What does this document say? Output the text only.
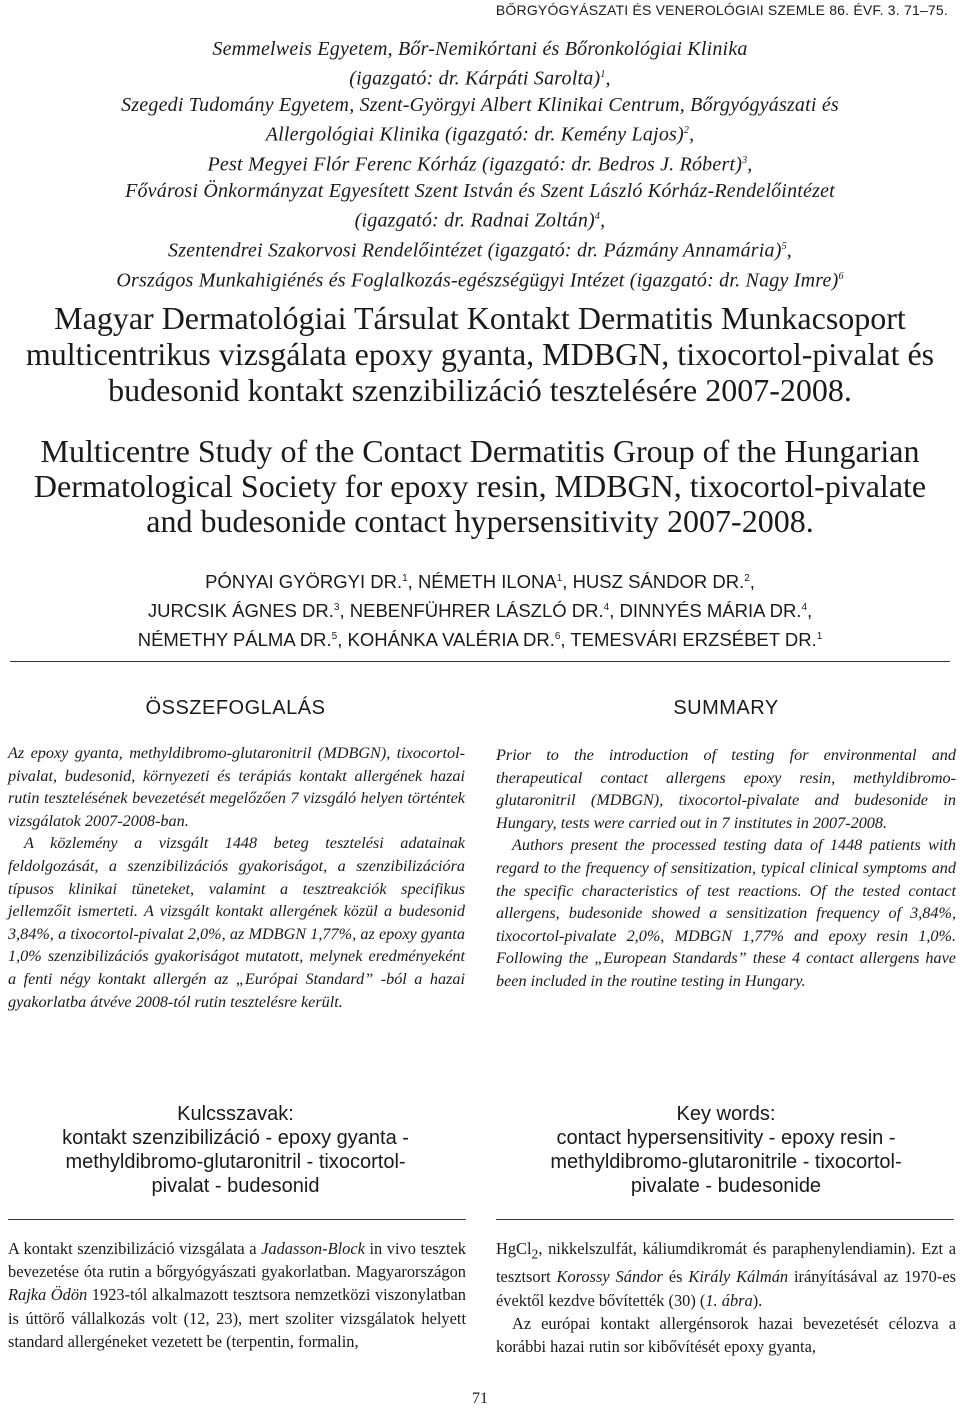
BŐRGYÓGYÁSZATI ÉS VENEROLÓGIAI SZEMLE 86. ÉVF. 3. 71–75.
Semmelweis Egyetem, Bőr-Nemikórtani és Bőronkológiai Klinika
(igazgató: dr. Kárpáti Sarolta)$^1$,
Szegedi Tudomány Egyetem, Szent-Györgyi Albert Klinikai Centrum, Bőrgyógyászati és
Allergológiai Klinika (igazgató: dr. Kemény Lajos)$^2$,
Pest Megyei Flór Ferenc Kórház (igazgató: dr. Bedros J. Róbert)$^3$,
Fővárosi Önkormányzat Egyesített Szent István és Szent László Kórház-Rendelőintézet
(igazgató: dr. Radnai Zoltán)$^4$,
Szentendrei Szakorvosi Rendelőintézet (igazgató: dr. Pázmány Annamária)$^5$,
Országos Munkahigiénés és Foglalkozás-egészségügyi Intézet (igazgató: dr. Nagy Imre)$^6$
Magyar Dermatológiai Társulat Kontakt Dermatitis Munkacsoport
multicentrikus vizsgálata epoxy gyanta, MDBGN, tixocortol-pivalat és
budesonid kontakt szenzibilizáció tesztelésére 2007-2008.
Multicentre Study of the Contact Dermatitis Group of the Hungarian
Dermatological Society for epoxy resin, MDBGN, tixocortol-pivalate
and budesonide contact hypersensitivity 2007-2008.
PÓNYAI GYÖRGYI DR.$^1$, NÉMETH ILONA$^1$, HUSZ SÁNDOR DR.$^2$,
JURCSIK ÁGNES DR.$^3$, NEBENFÜHRER LÁSZLÓ DR.$^4$, DINNYÉS MÁRIA DR.$^4$,
NÉMETHY PÁLMA DR.$^5$, KOHÁNKA VALÉRIA DR.$^6$, TEMESVÁRI ERZSÉBET DR.$^1$
ÖSSZEFOGLALÁS

Az epoxy gyanta, methyldibromo-glutaronitril (MDBGN), tixocortol-pivalat, budesonid, környezeti és terápiás kontakt allergének hazai rutin tesztelésének bevezetését megelőzően 7 vizsgáló helyen történtek vizsgálatok 2007-2008-ban.

A közlemény a vizsgált 1448 beteg tesztelési adatainak feldolgozását, a szenzibilizációs gyakoriságot, a szenzibilizációra típusos klinikai tüneteket, valamint a tesztreakciók specifikus jellemzőit ismerteti. A vizsgált kontakt allergének közül a budesonid 3,84%, a tixocortol-pivalat 2,0%, az MDBGN 1,77%, az epoxy gyanta 1,0% szenzibilizációs gyakoriságot mutatott, melynek eredményeként a fenti négy kontakt allergén az „Európai Standard” -ból a hazai gyakorlatba átvéve 2008-tól rutin tesztelésre került.

Kulcsszavak:
kontakt szenzibilizáció - epoxy gyanta -
methyldibromo-glutaronitril - tixocortol-
pivalat - budesonid
SUMMARY

Prior to the introduction of testing for environmental and therapeutical contact allergens epoxy resin, methyldibromo-glutaronitril (MDBGN), tixocortol-pivalate and budesonide in Hungary, tests were carried out in 7 institutes in 2007-2008.

Authors present the processed testing data of 1448 patients with regard to the frequency of sensitization, typical clinical symptoms and the specific characteristics of test reactions. Of the tested contact allergens, budesonide showed a sensitization frequency of 3,84%, tixocortol-pivalate 2,0%, MDBGN 1,77% and epoxy resin 1,0%. Following the „European Standards” these 4 contact allergens have been included in the routine testing in Hungary.

Key words:
contact hypersensitivity - epoxy resin -
methyldibromo-glutaronitrile - tixocortol-
pivalate - budesonide

A kontakt szenzibilizáció vizsgálata a Jadasson-Block in vivo tesztek bevezetése óta rutin a bőrgyógyászati gyakorlatban. Magyarországon Rajka Ödön 1923-tól alkalmazott tesztsora nemzetközi viszonylatban is úttörő vállalkozás volt (12, 23), mert szoliter vizsgálatok helyett standard allergéneket vezetett be (terpentin, formalin,

HgCl$_2$, nikkelszulfát, káliumdikromát és paraphenylendiamin). Ezt a tesztsort Korossy Sándor és Király Kálmán irányításával az 1970-es évektől kezdve bővítették (30) (1. ábra).

Az európai kontakt allergénsorok hazai bevezetését célozva a korábbi hazai rutin sor kibővítését epoxy gyanta,

71
